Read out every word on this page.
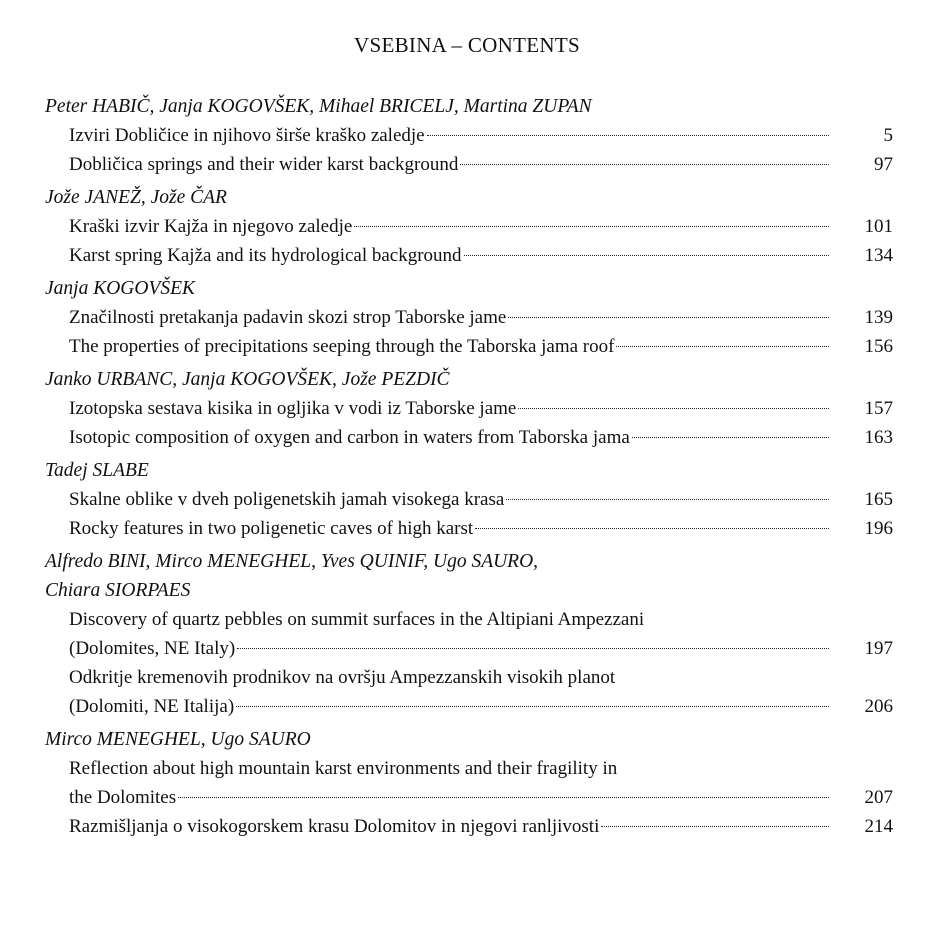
VSEBINA – CONTENTS
Peter HABIČ, Janja KOGOVŠEK, Mihael BRICELJ, Martina ZUPAN
Izviri Dobličice in njihovo širše kraško zaledje	5
Dobličica springs and their wider karst background	97
Jože JANEŽ, Jože ČAR
Kraški izvir Kajža in njegovo zaledje	101
Karst spring Kajža and its hydrological background	134
Janja KOGOVŠEK
Značilnosti pretakanja padavin skozi strop Taborske jame	139
The properties of precipitations seeping through the Taborska jama roof	156
Janko URBANC, Janja KOGOVŠEK, Jože PEZDIČ
Izotopska sestava kisika in ogljika v vodi iz Taborske jame	157
Isotopic composition of oxygen and carbon in waters from Taborska jama	163
Tadej SLABE
Skalne oblike v dveh poligenetskih jamah visokega krasa	165
Rocky features in two poligenetic caves of high karst	196
Alfredo BINI, Mirco MENEGHEL, Yves QUINIF, Ugo SAURO,
Chiara SIORPAES
Discovery of quartz pebbles on summit surfaces in the Altipiani Ampezzani
(Dolomites, NE Italy)	197
Odkritje kremenovih prodnikov na ovršju Ampezzanskih visokih planot
(Dolomiti, NE Italija)	206
Mirco MENEGHEL, Ugo SAURO
Reflection about high mountain karst environments and their fragility in
the Dolomites	207
Razmišljanja o visokogorskem krasu Dolomitov in njegovi ranljivosti	214
